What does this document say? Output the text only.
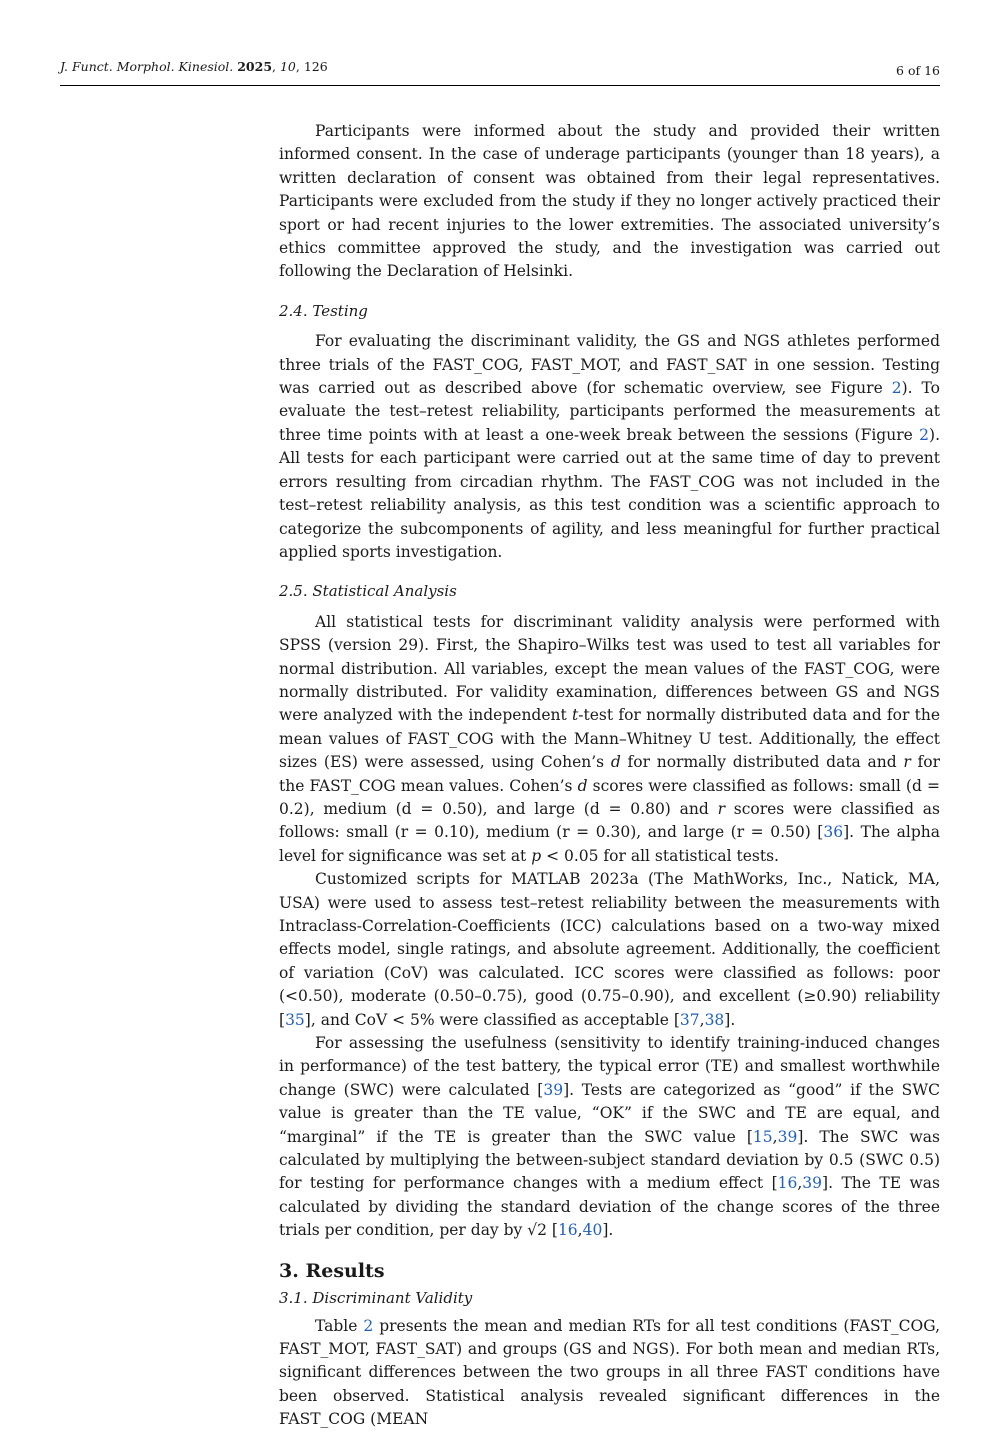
J. Funct. Morphol. Kinesiol. 2025, 10, 126	6 of 16

Participants were informed about the study and provided their written informed consent. In the case of underage participants (younger than 18 years), a written declaration of consent was obtained from their legal representatives. Participants were excluded from the study if they no longer actively practiced their sport or had recent injuries to the lower extremities. The associated university’s ethics committee approved the study, and the investigation was carried out following the Declaration of Helsinki.

2.4. Testing

For evaluating the discriminant validity, the GS and NGS athletes performed three trials of the FAST_COG, FAST_MOT, and FAST_SAT in one session. Testing was carried out as described above (for schematic overview, see Figure 2). To evaluate the test–retest reliability, participants performed the measurements at three time points with at least a one-week break between the sessions (Figure 2). All tests for each participant were carried out at the same time of day to prevent errors resulting from circadian rhythm. The FAST_COG was not included in the test–retest reliability analysis, as this test condition was a scientific approach to categorize the subcomponents of agility, and less meaningful for further practical applied sports investigation.

2.5. Statistical Analysis

All statistical tests for discriminant validity analysis were performed with SPSS (version 29). First, the Shapiro–Wilks test was used to test all variables for normal distribution. All variables, except the mean values of the FAST_COG, were normally distributed. For validity examination, differences between GS and NGS were analyzed with the independent t-test for normally distributed data and for the mean values of FAST_COG with the Mann–Whitney U test. Additionally, the effect sizes (ES) were assessed, using Cohen’s d for normally distributed data and r for the FAST_COG mean values. Cohen’s d scores were classified as follows: small (d = 0.2), medium (d = 0.50), and large (d = 0.80) and r scores were classified as follows: small (r = 0.10), medium (r = 0.30), and large (r = 0.50) [36]. The alpha level for significance was set at p < 0.05 for all statistical tests.

Customized scripts for MATLAB 2023a (The MathWorks, Inc., Natick, MA, USA) were used to assess test–retest reliability between the measurements with Intraclass-Correlation-Coefficients (ICC) calculations based on a two-way mixed effects model, single ratings, and absolute agreement. Additionally, the coefficient of variation (CoV) was calculated. ICC scores were classified as follows: poor (<0.50), moderate (0.50–0.75), good (0.75–0.90), and excellent (≥0.90) reliability [35], and CoV < 5% were classified as acceptable [37,38].

For assessing the usefulness (sensitivity to identify training-induced changes in performance) of the test battery, the typical error (TE) and smallest worthwhile change (SWC) were calculated [39]. Tests are categorized as “good” if the SWC value is greater than the TE value, “OK” if the SWC and TE are equal, and “marginal” if the TE is greater than the SWC value [15,39]. The SWC was calculated by multiplying the between-subject standard deviation by 0.5 (SWC 0.5) for testing for performance changes with a medium effect [16,39]. The TE was calculated by dividing the standard deviation of the change scores of the three trials per condition, per day by √2 [16,40].

3. Results
3.1. Discriminant Validity

Table 2 presents the mean and median RTs for all test conditions (FAST_COG, FAST_MOT, FAST_SAT) and groups (GS and NGS). For both mean and median RTs, significant differences between the two groups in all three FAST conditions have been observed. Statistical analysis revealed significant differences in the FAST_COG (MEAN
